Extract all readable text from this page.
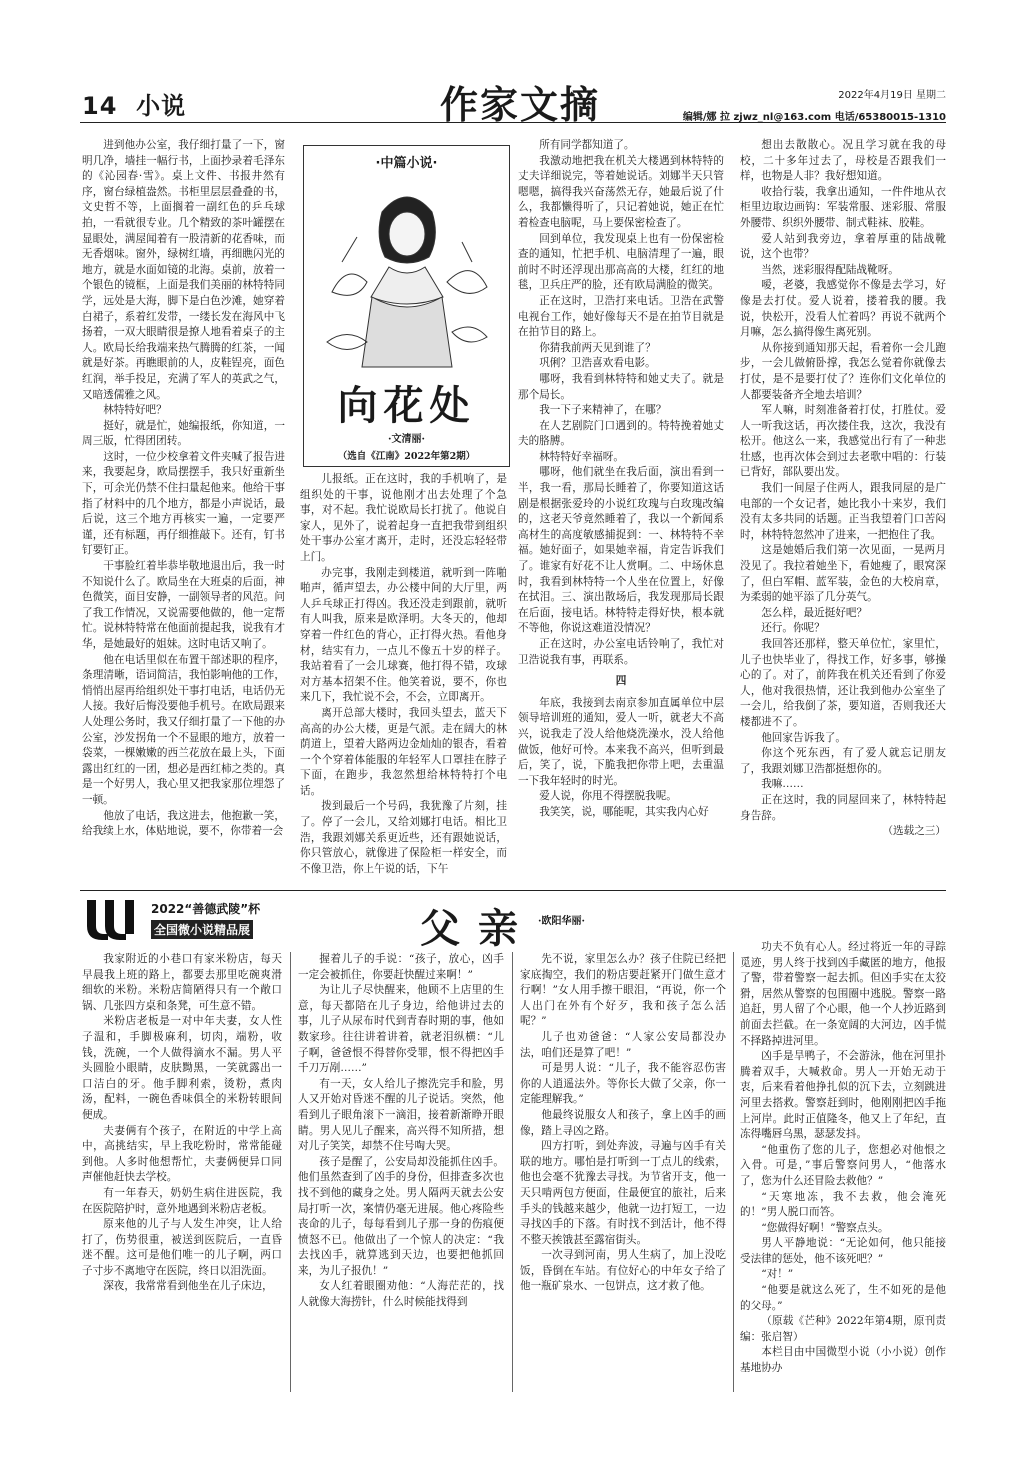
14 小说	作家文摘	2022年4月19日 星期二
编辑/娜 拉 zjwz_nl@163.com 电话/65380015-1310

进到他办公室，我仔细打量了一下，窗明几净，墙挂一幅行书，上面抄录着毛泽东的《沁园春·雪》。桌上文件、书报井然有序，窗台绿植盎然。书柜里层层叠叠的书，文史哲不等，上面搁着一副红色的乒乓球拍，一看就很专业。几个精致的茶叶罐摆在显眼处，满屋闻着有一股清新的花香味，而无香烟味。窗外，绿树红墙，再细瞧闪光的地方，就是水面如镜的北海。桌前，放着一个银色的镜框，上面是我们美丽的林特特同学，远处是大海，脚下是白色沙滩，她穿着白裙子，系着红发带，一缕长发在海风中飞扬着，一双大眼睛很是撩人地看着桌子的主人。欧局长给我端来热气腾腾的红茶，一闻就是好茶。再瞧眼前的人，皮鞋锃亮，面色红润，举手投足，充满了军人的英武之气，又暗透儒雅之风。

林特特好吧？

挺好，就是忙，她编报纸，你知道，一周三版，忙得团团转。

这时，一位少校拿着文件夹喊了报告进来，我要起身，欧局摆摆手，我只好重新坐下，可余光仍禁不住扫量起他来。他给干事指了材料中的几个地方，都是小声说话，最后说，这三个地方再核实一遍，一定要严谨，还有标题，再仔细推敲下。还有，钉书钉要钉正。

干事脸红着毕恭毕敬地退出后，我一时不知说什么了。欧局坐在大班桌的后面，神色微笑，面目安静，一副领导者的风范。问了我工作情况，又说需要他做的，他一定帮忙。说林特特常在他面前提起我，说我有才华，是她最好的姐妹。这时电话又响了。

他在电话里似在布置干部述职的程序，条理清晰，语词简洁，我怕影响他的工作，悄悄出屋再给组织处干事打电话，电话仍无人接。我好后悔没要他手机号。在欧局跟来人处理公务时，我又仔细打量了一下他的办公室，沙发拐角一个不显眼的地方，放着一袋菜，一棵嫩嫩的西兰花放在最上头，下面露出红红的一团，想必是西红柿之类的。真是一个好男人，我心里又把我家那位埋怨了一顿。

他放了电话，我这进去，他抱歉一笑，给我续上水，体贴地说，要不，你带着一会

·中篇小说·
向花处
·文清丽·
（选自《江南》2022年第2期）

儿报纸。正在这时，我的手机响了，是组织处的干事，说他刚才出去处理了个急事，对不起。我忙说欧局长打扰了。他说自家人，见外了，说着起身一直把我带到组织处干事办公室才离开，走时，还没忘轻轻带上门。

办完事，我刚走到楼道，就听到一阵啪啪声，循声望去，办公楼中间的大厅里，两人乒乓球正打得凶。我还没走到跟前，就听有人叫我，原来是欧泽明。大冬天的，他却穿着一件红色的背心，正打得火热。看他身材，结实有力，一点儿不像五十岁的样子。我站着看了一会儿球赛，他打得不错，攻球对方基本招架不住。他笑着说，要不，你也来几下，我忙说不会，不会，立即离开。

离开总部大楼时，我回头望去，蓝天下高高的办公大楼，更是气派。走在阔大的林荫道上，望着大路两边金灿灿的银杏，看着一个个穿着体能服的年轻军人口罩挂在脖子下面，在跑步，我忽然想给林特特打个电话。

拨到最后一个号码，我犹豫了片刻，挂了。停了一会儿，又给刘娜打电话。相比卫浩，我跟刘娜关系更近些，还有跟她说话，你只管放心，就像进了保险柜一样安全，而不像卫浩，你上午说的话，下午

所有同学都知道了。

我激动地把我在机关大楼遇到林特特的丈夫详细说完，等着她说话。刘娜半天只管嗯嗯，搞得我兴奋荡然无存，她最后说了什么，我都懒得听了，只记着她说，她正在忙着检查电脑呢，马上要保密检查了。

回到单位，我发现桌上也有一份保密检查的通知，忙把手机、电脑清理了一遍，眼前时不时还浮现出那高高的大楼，红红的地毯，卫兵庄严的脸，还有欧局满脸的微笑。

正在这时，卫浩打来电话。卫浩在武警电视台工作，她好像每天不是在拍节目就是在拍节目的路上。

你猜我前两天见到谁了？

巩俐？卫浩喜欢看电影。

哪呀，我看到林特特和她丈夫了。就是那个局长。

我一下子来精神了，在哪？

在人艺剧院门口遇到的。特特挽着她丈夫的胳膊。

林特特好幸福呀。

哪呀，他们就坐在我后面，演出看到一半，我一看，那局长睡着了，你要知道这话剧是根据张爱玲的小说红玫瑰与白玫瑰改编的，这老天爷竟然睡着了，我以一个新闻系高材生的高度敏感捕捉到：一、林特特不幸福。她好面子，如果她幸福，肯定告诉我们了。谁家有好花不让人赏啊。二、中场休息时，我看到林特特一个人坐在位置上，好像在拭泪。三、演出散场后，我发现那局长跟在后面，接电话。林特特走得好快，根本就不等他，你说这难道没情况？

正在这时，办公室电话铃响了，我忙对卫浩说我有事，再联系。

四

年底，我接到去南京参加直属单位中层领导培训班的通知，爱人一听，就老大不高兴，说我走了没人给他烧洗澡水，没人给他做饭，他好可怜。本来我不高兴，但听到最后，笑了，说，下脆我把你带上吧，去重温一下我年轻时的时光。

爱人说，你甩不得摆脱我呢。

我笑笑，说，哪能呢，其实我内心好

想出去散散心。况且学习就在我的母校，二十多年过去了，母校是否跟我们一样，也物是人非？我好想知道。

收拾行装，我拿出通知，一件件地从衣柜里边取边画钩：军装常服、迷彩服、常服外腰带、织织外腰带、制式鞋袜、胶鞋。

爱人站到我旁边，拿着厚重的陆战靴说，这个也带？

当然，迷彩服得配陆战靴呀。

嗳，老婆，我感觉你不像是去学习，好像是去打仗。爱人说着，搂着我的腰。我说，快松开，没看人忙着吗？再说不就两个月嘛，怎么搞得像生离死别。

从你接到通知那天起，看着你一会儿跑步，一会儿做俯卧撑，我怎么觉着你就像去打仗，是不是要打仗了？连你们文化单位的人都要装备齐全地去培训？

军人嘛，时刻准备着打仗，打胜仗。爱人一听我这话，再次搂住我，这次，我没有松开。他这么一来，我感觉出行有了一种悲壮感，也再次体会到过去老歌中唱的：行装已背好，部队要出发。

我们一间屋子住两人，跟我同屋的是广电部的一个女记者，她比我小十来岁，我们没有太多共同的话题。正当我望着门口苦闷时，林特特忽然冲了进来，一把抱住了我。

这是她婚后我们第一次见面，一晃两月没见了。我拉着她坐下，看她瘦了，眼窝深了，但白军帽、蓝军装，金色的大校肩章，为柔弱的她平添了几分英气。

怎么样，最近挺好吧？

还行。你呢？

我回答还那样，整天单位忙，家里忙，儿子也快毕业了，得找工作，好多事，够操心的了。对了，前阵我在机关还看到了你爱人，他对我很热情，还让我到他办公室坐了一会儿，给我倒了茶，要知道，否则我还大楼都进不了。

他回家告诉我了。

你这个死东西，有了爱人就忘记朋友了，我跟刘娜卫浩都挺想你的。

我嘛……

正在这时，我的同屋回来了，林特特起身告辞。

（选载之三）

2022“善德武陵”杯
全国微小说精品展	父亲 ·欧阳华丽·

我家附近的小巷口有家米粉店，每天早晨我上班的路上，都要去那里吃碗爽滑细软的米粉。米粉店简陋得只有一个敞口锅、几张四方桌和条凳，可生意不错。

米粉店老板是一对中年夫妻，女人性子温和，手脚极麻利，切肉，端粉，收钱，洗碗，一个人做得滴水不漏。男人平头圆脸小眼睛，皮肤黝黑，一笑就露出一口洁白的牙。他手脚利索，烫粉，煮肉汤，配料，一碗色香味俱全的米粉转眼间便成。

夫妻俩有个孩子，在附近的中学上高中，高挑结实，早上我吃粉时，常常能碰到他。人多时他想帮忙，夫妻俩便异口同声催他赶快去学校。

有一年春天，奶奶生病住进医院，我在医院陪护时，意外地遇到米粉店老板。

原来他的儿子与人发生冲突，让人给打了，伤势很重，被送到医院后，一直昏迷不醒。这可是他们唯一的儿子啊，两口子寸步不离地守在医院，终日以泪洗面。

深夜，我常常看到他坐在儿子床边，

握着儿子的手说：“孩子，放心，凶手一定会被抓住，你要赶快醒过来啊！”

为让儿子尽快醒来，他顾不上店里的生意，每天都陪在儿子身边，给他讲过去的事，儿子从尿布时代到青春时期的事，他如数家珍。往往讲着讲着，就老泪纵横：“儿子啊，爸爸恨不得替你受罪，恨不得把凶手千刀万剐……”

有一天，女人给儿子擦洗完手和脸，男人又开始对昏迷不醒的儿子说话。突然，他看到儿子眼角滚下一滴泪，接着新渐睁开眼睛。男人见儿子醒来，高兴得不知所措，想对儿子笑笑，却禁不住号啕大哭。

孩子是醒了，公安局却没能抓住凶手。他们虽然查到了凶手的身份，但排查多次也找不到他的藏身之处。男人隔两天就去公安局打听一次，案情仍毫无进展。他心疼险些丧命的儿子，每每看到儿子那一身的伤痕便愤怒不已。他做出了一个惊人的决定：“我去找凶手，就算逃到天边，也要把他抓回来，为儿子报仇！”

女人红着眼圈劝他：“人海茫茫的，找人就像大海捞针，什么时候能找得到

先不说，家里怎么办？孩子住院已经把家底掏空，我们的粉店要赶紧开门做生意才行啊！”女人用手擦干眼泪，“再说，你一个人出门在外有个好歹，我和孩子怎么活呢？”

儿子也劝爸爸：“人家公安局都没办法，咱们还是算了吧！”

可是男人说：“儿子，我不能容忍伤害你的人逍遥法外。等你长大做了父亲，你一定能理解我。”

他最终说服女人和孩子，拿上凶手的画像，踏上寻凶之路。

四方打听，到处奔波，寻遍与凶手有关联的地方。哪怕是打听到一丁点儿的线索，他也会毫不犹豫去寻找。为节省开支，他一天只啃两包方便面，住最便宜的旅社，后来手头的钱越来越少，他就一边打短工，一边寻找凶手的下落。有时找不到活计，他不得不整天挨饿甚至露宿街头。

一次寻到河南，男人生病了，加上没吃饭，昏倒在车站。有位好心的中年女子给了他一瓶矿泉水、一包饼点，这才救了他。

功夫不负有心人。经过将近一年的寻踪觅迹，男人终于找到凶手藏匿的地方，他报了警，带着警察一起去抓。但凶手实在太狡猾，居然从警察的包围圈中逃脱。警察一路追赶，男人留了个心眼，他一个人抄近路到前面去拦截。在一条宽阔的大河边，凶手慌不择路掉进河里。

凶手是旱鸭子，不会游泳，他在河里扑腾着双手，大喊救命。男人一开始无动于衷，后来看着他挣扎似的沉下去，立刻跳进河里去搭救。警察赶到时，他刚刚把凶手拖上河岸。此时正值隆冬，他又上了年纪，直冻得嘴唇乌黑，瑟瑟发抖。

“他重伤了您的儿子，您想必对他恨之入骨。可是，”事后警察问男人，“他落水了，您为什么还冒险去救他？”

“天寒地冻，我不去救，他会淹死的！”男人脱口而答。

“您做得好啊！”警察点头。

男人平静地说：“无论如何，他只能接受法律的惩处，他不该死吧？”

“对！”

“他要是就这么死了，生不如死的是他的父母。”

（原载《芒种》2022年第4期，原刊责编：张启智）

本栏目由中国微型小说（小小说）创作基地协办
